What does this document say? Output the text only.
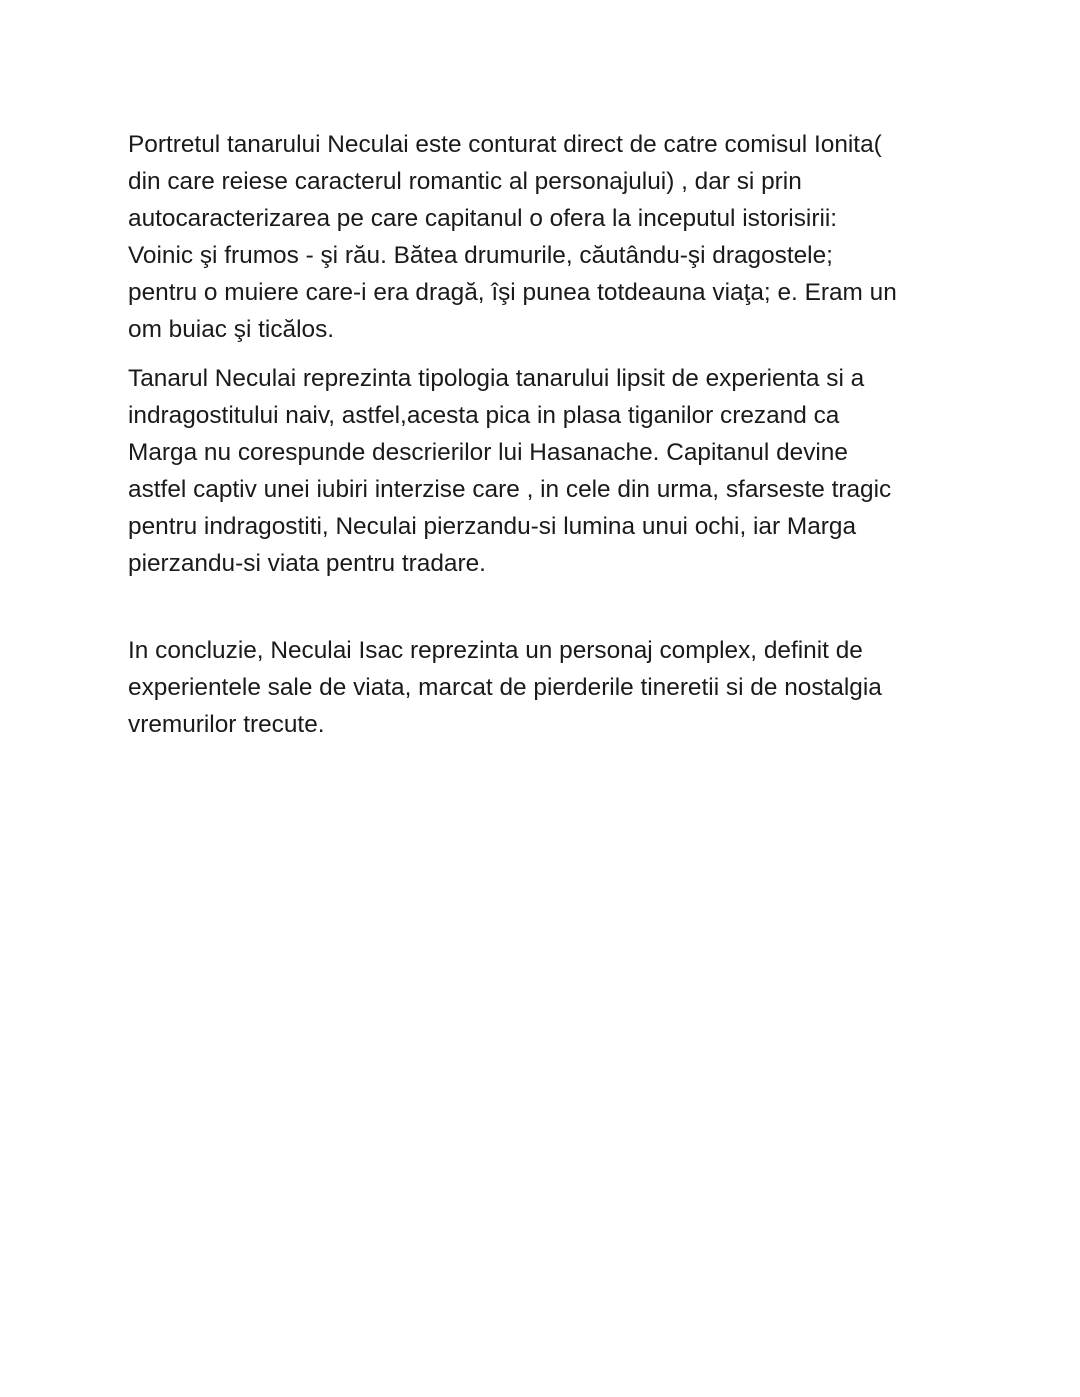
Portretul tanarului Neculai este conturat direct de catre comisul Ionita(
din care reiese caracterul romantic al personajului) , dar si prin
autocaracterizarea pe care capitanul o ofera la inceputul istorisirii:
Voinic şi frumos - şi rău. Bătea drumurile, căutându-şi dragostele;
pentru o muiere care-i era dragă, îşi punea totdeauna viaţa; e. Eram un
om buiac şi ticălos.

Tanarul Neculai reprezinta tipologia tanarului lipsit de experienta si a
indragostitului naiv, astfel,acesta pica in plasa tiganilor crezand ca
Marga nu corespunde descrierilor lui Hasanache. Capitanul devine
astfel captiv unei iubiri interzise care , in cele din urma, sfarseste tragic
pentru indragostiti, Neculai pierzandu-si lumina unui ochi, iar Marga
pierzandu-si viata pentru tradare.

In concluzie, Neculai Isac reprezinta un personaj complex, definit de
experientele sale de viata, marcat de pierderile tineretii si de nostalgia
vremurilor trecute.
